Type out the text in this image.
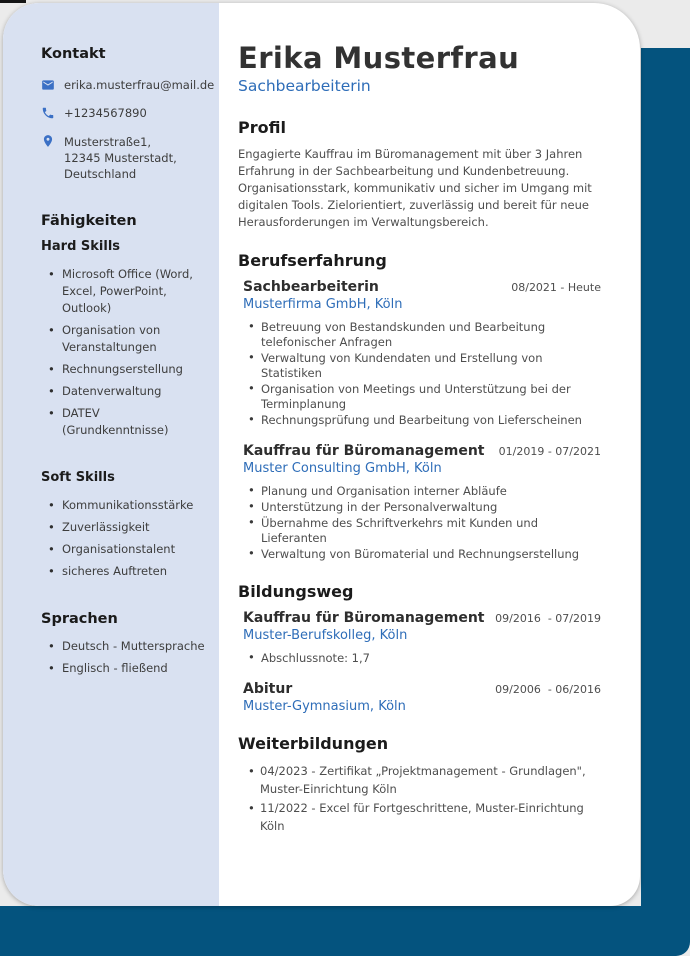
Kontakt
erika.musterfrau@mail.de
+1234567890
Musterstraße1,
12345 Musterstadt,
Deutschland
Fähigkeiten
Hard Skills
• Microsoft Office (Word, Excel, PowerPoint, Outlook)
• Organisation von Veranstaltungen
• Rechnungserstellung
• Datenverwaltung
• DATEV (Grundkenntnisse)
Soft Skills
• Kommunikationsstärke
• Zuverlässigkeit
• Organisationstalent
• sicheres Auftreten
Sprachen
• Deutsch - Muttersprache
• Englisch - fließend
Erika Musterfrau
Sachbearbeiterin
Profil
Engagierte Kauffrau im Büromanagement mit über 3 Jahren Erfahrung in der Sachbearbeitung und Kundenbetreuung. Organisationsstark, kommunikativ und sicher im Umgang mit digitalen Tools. Zielorientiert, zuverlässig und bereit für neue Herausforderungen im Verwaltungsbereich.
Berufserfahrung
Sachbearbeiterin	08/2021 - Heute
Musterfirma GmbH, Köln
• Betreuung von Bestandskunden und Bearbeitung telefonischer Anfragen
• Verwaltung von Kundendaten und Erstellung von Statistiken
• Organisation von Meetings und Unterstützung bei der Terminplanung
• Rechnungsprüfung und Bearbeitung von Lieferscheinen
Kauffrau für Büromanagement 01/2019 - 07/2021
Muster Consulting GmbH, Köln
• Planung und Organisation interner Abläufe
• Unterstützung in der Personalverwaltung
• Übernahme des Schriftverkehrs mit Kunden und Lieferanten
• Verwaltung von Büromaterial und Rechnungserstellung
Bildungsweg
Kauffrau für Büromanagement 09/2016  - 07/2019
Muster-Berufskolleg, Köln
• Abschlussnote: 1,7
Abitur	09/2006  - 06/2016
Muster-Gymnasium, Köln
Weiterbildungen
• 04/2023 - Zertifikat „Projektmanagement - Grundlagen", Muster-Einrichtung Köln
• 11/2022 - Excel für Fortgeschrittene, Muster-Einrichtung Köln
